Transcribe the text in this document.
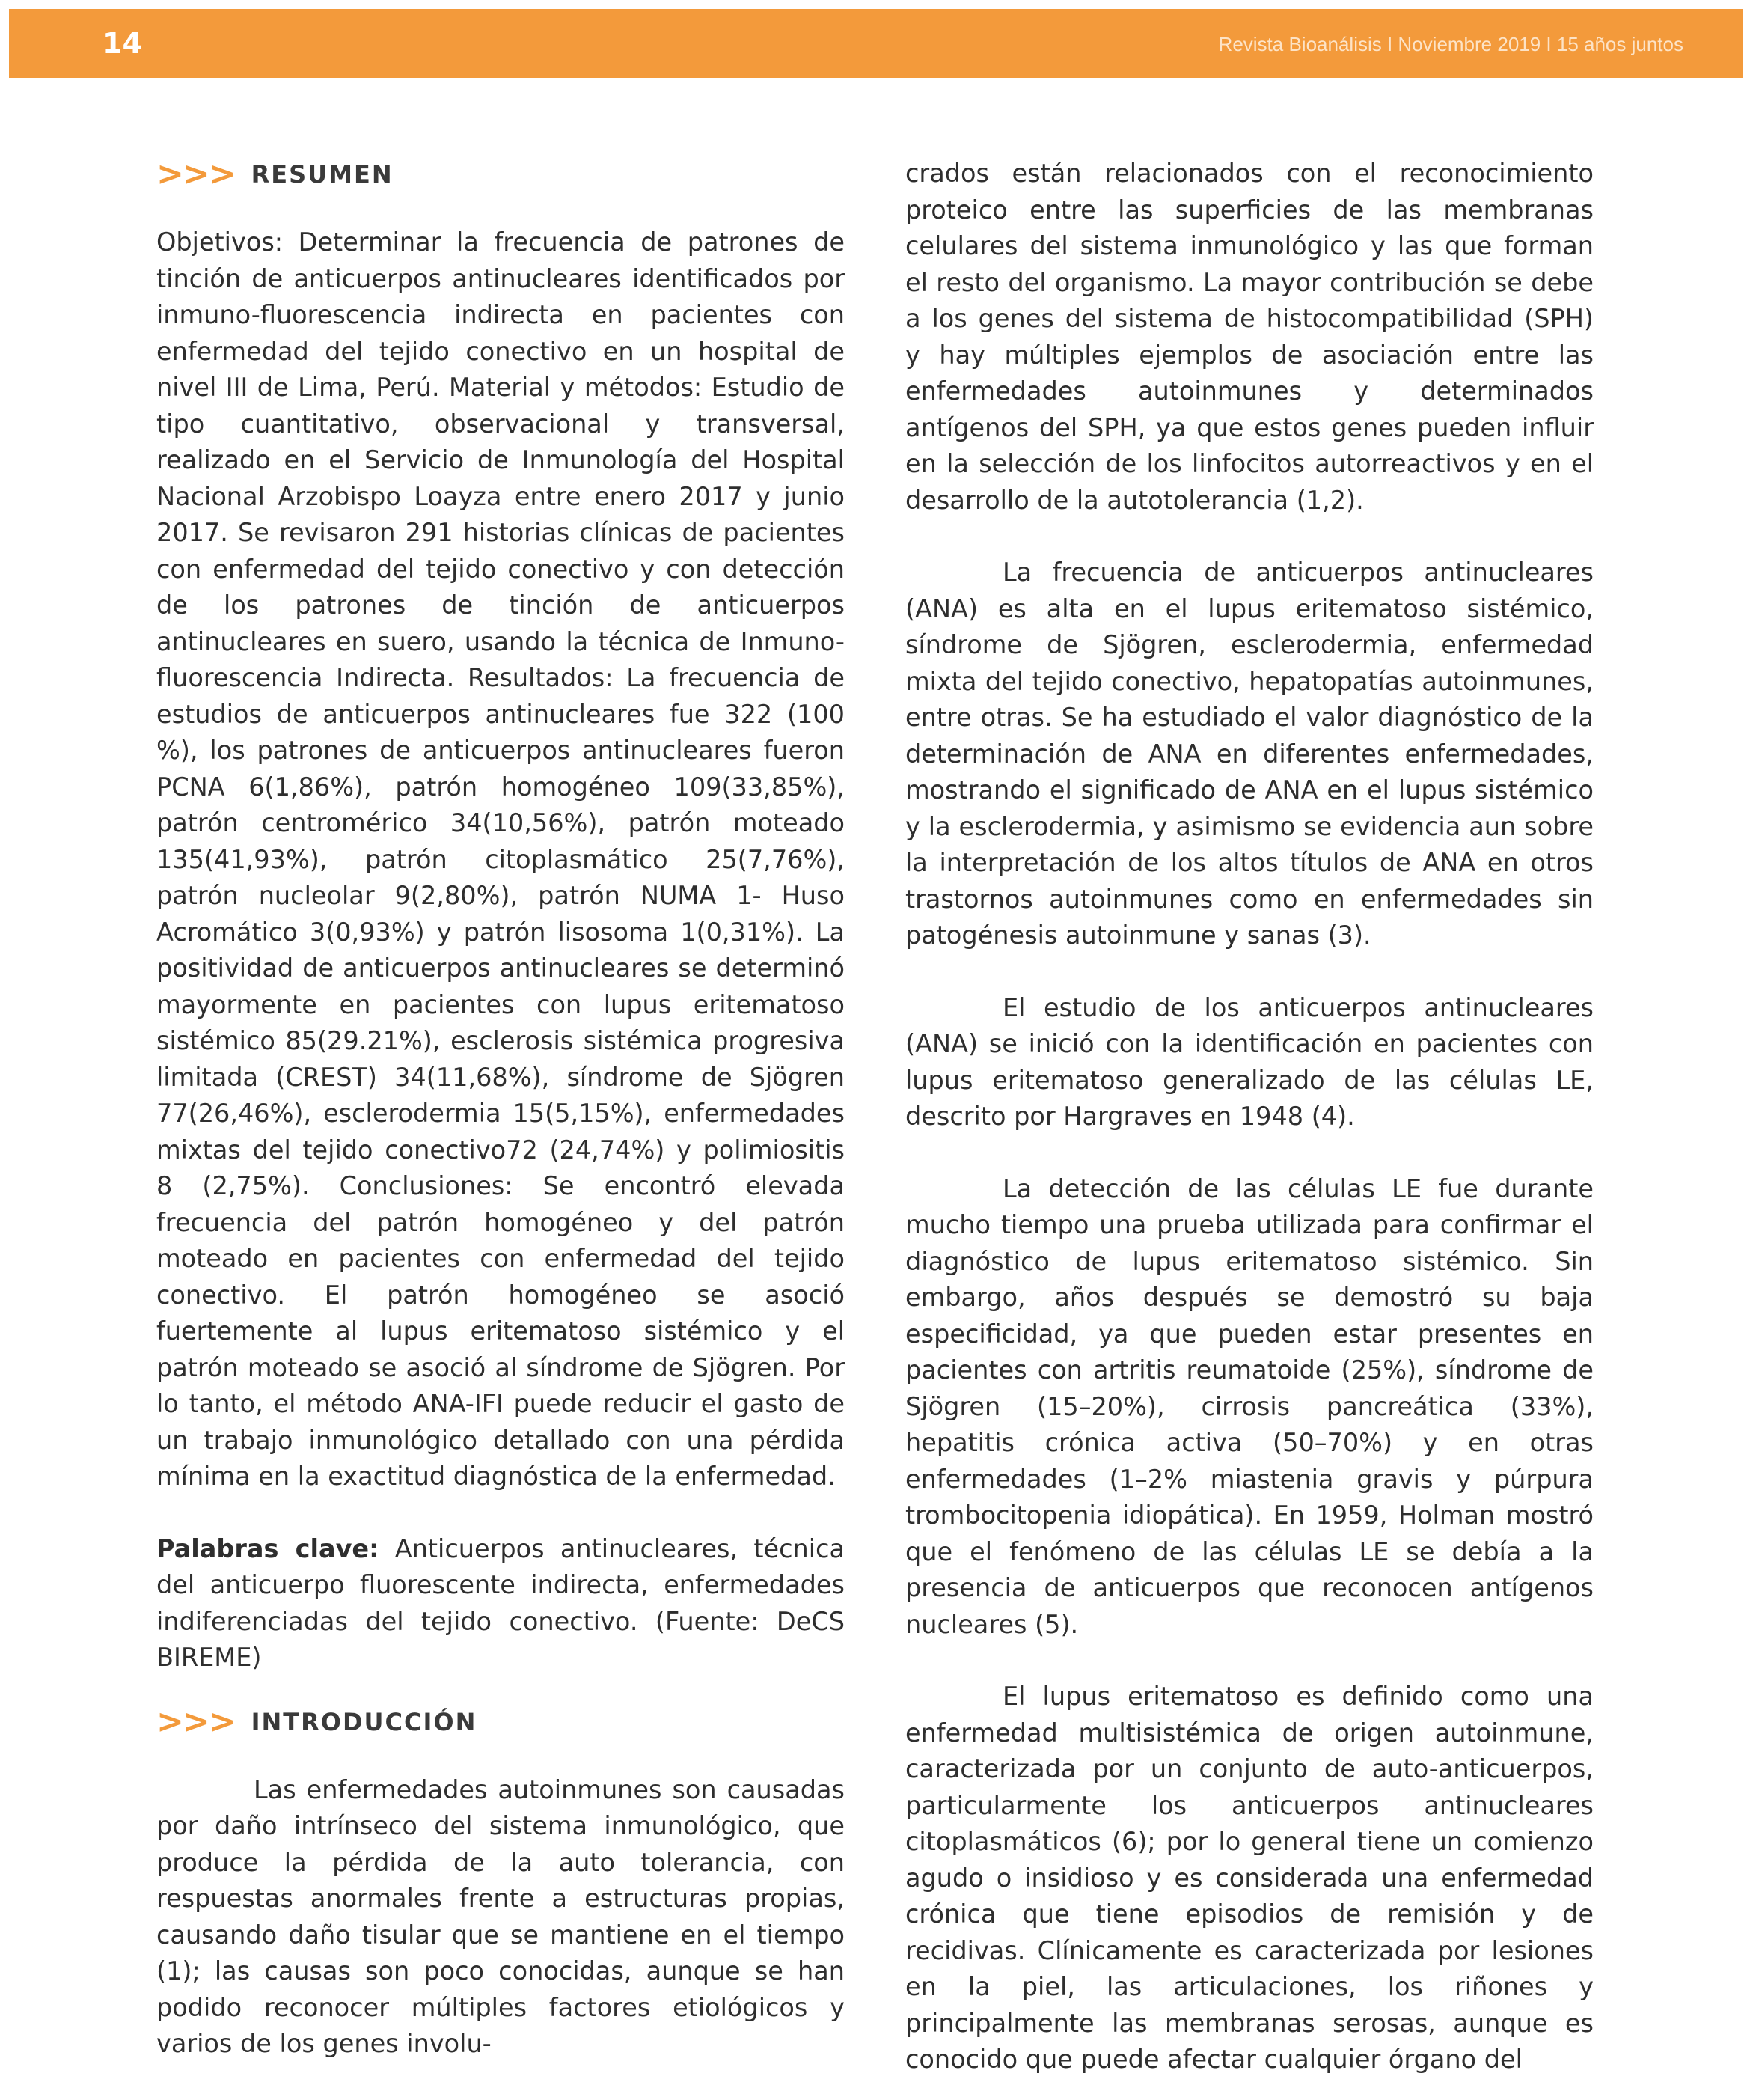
14	Revista Bioanálisis I Noviembre 2019 I 15 años juntos
>>> RESUMEN

Objetivos: Determinar la frecuencia de patrones de tinción de anticuerpos antinucleares identificados por inmuno-fluorescencia indirecta en pacientes con enfermedad del tejido conectivo en un hospital de nivel III de Lima, Perú. Material y métodos: Estudio de tipo cuantitativo, observacional y transversal, realizado en el Servicio de Inmunología del Hospital Nacional Arzobispo Loayza entre enero 2017 y junio 2017. Se revisaron 291 historias clínicas de pacientes con enfermedad del tejido conectivo y con detección de los patrones de tinción de anticuerpos antinucleares en suero, usando la técnica de Inmuno-fluorescencia Indirecta. Resultados: La frecuencia de estudios de anticuerpos antinucleares fue 322 (100 %), los patrones de anticuerpos antinucleares fueron PCNA 6(1,86%), patrón homogéneo 109(33,85%), patrón centromérico 34(10,56%), patrón moteado 135(41,93%), patrón citoplasmático 25(7,76%), patrón nucleolar 9(2,80%), patrón NUMA 1- Huso Acromático 3(0,93%) y patrón lisosoma 1(0,31%). La positividad de anticuerpos antinucleares se determinó mayormente en pacientes con lupus eritematoso sistémico 85(29.21%), esclerosis sistémica progresiva limitada (CREST) 34(11,68%), síndrome de Sjögren 77(26,46%), esclerodermia 15(5,15%), enfermedades mixtas del tejido conectivo72 (24,74%) y polimiositis 8 (2,75%). Conclusiones: Se encontró elevada frecuencia del patrón homogéneo y del patrón moteado en pacientes con enfermedad del tejido conectivo. El patrón homogéneo se asoció fuertemente al lupus eritematoso sistémico y el patrón moteado se asoció al síndrome de Sjögren. Por lo tanto, el método ANA-IFI puede reducir el gasto de un trabajo inmunológico detallado con una pérdida mínima en la exactitud diagnóstica de la enfermedad.

Palabras clave: Anticuerpos antinucleares, técnica del anticuerpo fluorescente indirecta, enfermedades indiferenciadas del tejido conectivo. (Fuente: DeCS BIREME)

>>> INTRODUCCIÓN

Las enfermedades autoinmunes son causadas por daño intrínseco del sistema inmunológico, que produce la pérdida de la auto tolerancia, con respuestas anormales frente a estructuras propias, causando daño tisular que se mantiene en el tiempo (1); las causas son poco conocidas, aunque se han podido reconocer múltiples factores etiológicos y varios de los genes involu-

crados están relacionados con el reconocimiento proteico entre las superficies de las membranas celulares del sistema inmunológico y las que forman el resto del organismo. La mayor contribución se debe a los genes del sistema de histocompatibilidad (SPH) y hay múltiples ejemplos de asociación entre las enfermedades autoinmunes y determinados antígenos del SPH, ya que estos genes pueden influir en la selección de los linfocitos autorreactivos y en el desarrollo de la autotolerancia (1,2).

La frecuencia de anticuerpos antinucleares (ANA) es alta en el lupus eritematoso sistémico, síndrome de Sjögren, esclerodermia, enfermedad mixta del tejido conectivo, hepatopatías autoinmunes, entre otras. Se ha estudiado el valor diagnóstico de la determinación de ANA en diferentes enfermedades, mostrando el significado de ANA en el lupus sistémico y la esclerodermia, y asimismo se evidencia aun sobre la interpretación de los altos títulos de ANA en otros trastornos autoinmunes como en enfermedades sin patogénesis autoinmune y sanas (3).

El estudio de los anticuerpos antinucleares (ANA) se inició con la identificación en pacientes con lupus eritematoso generalizado de las células LE, descrito por Hargraves en 1948 (4).

La detección de las células LE fue durante mucho tiempo una prueba utilizada para confirmar el diagnóstico de lupus eritematoso sistémico. Sin embargo, años después se demostró su baja especificidad, ya que pueden estar presentes en pacientes con artritis reumatoide (25%), síndrome de Sjögren (15–20%), cirrosis pancreática (33%), hepatitis crónica activa (50–70%) y en otras enfermedades (1–2% miastenia gravis y púrpura trombocitopenia idiopática). En 1959, Holman mostró que el fenómeno de las células LE se debía a la presencia de anticuerpos que reconocen antígenos nucleares (5).

El lupus eritematoso es definido como una enfermedad multisistémica de origen autoinmune, caracterizada por un conjunto de auto-anticuerpos, particularmente los anticuerpos antinucleares citoplasmáticos (6); por lo general tiene un comienzo agudo o insidioso y es considerada una enfermedad crónica que tiene episodios de remisión y de recidivas. Clínicamente es caracterizada por lesiones en la piel, las articulaciones, los riñones y principalmente las membranas serosas, aunque es conocido que puede afectar cualquier órgano del
